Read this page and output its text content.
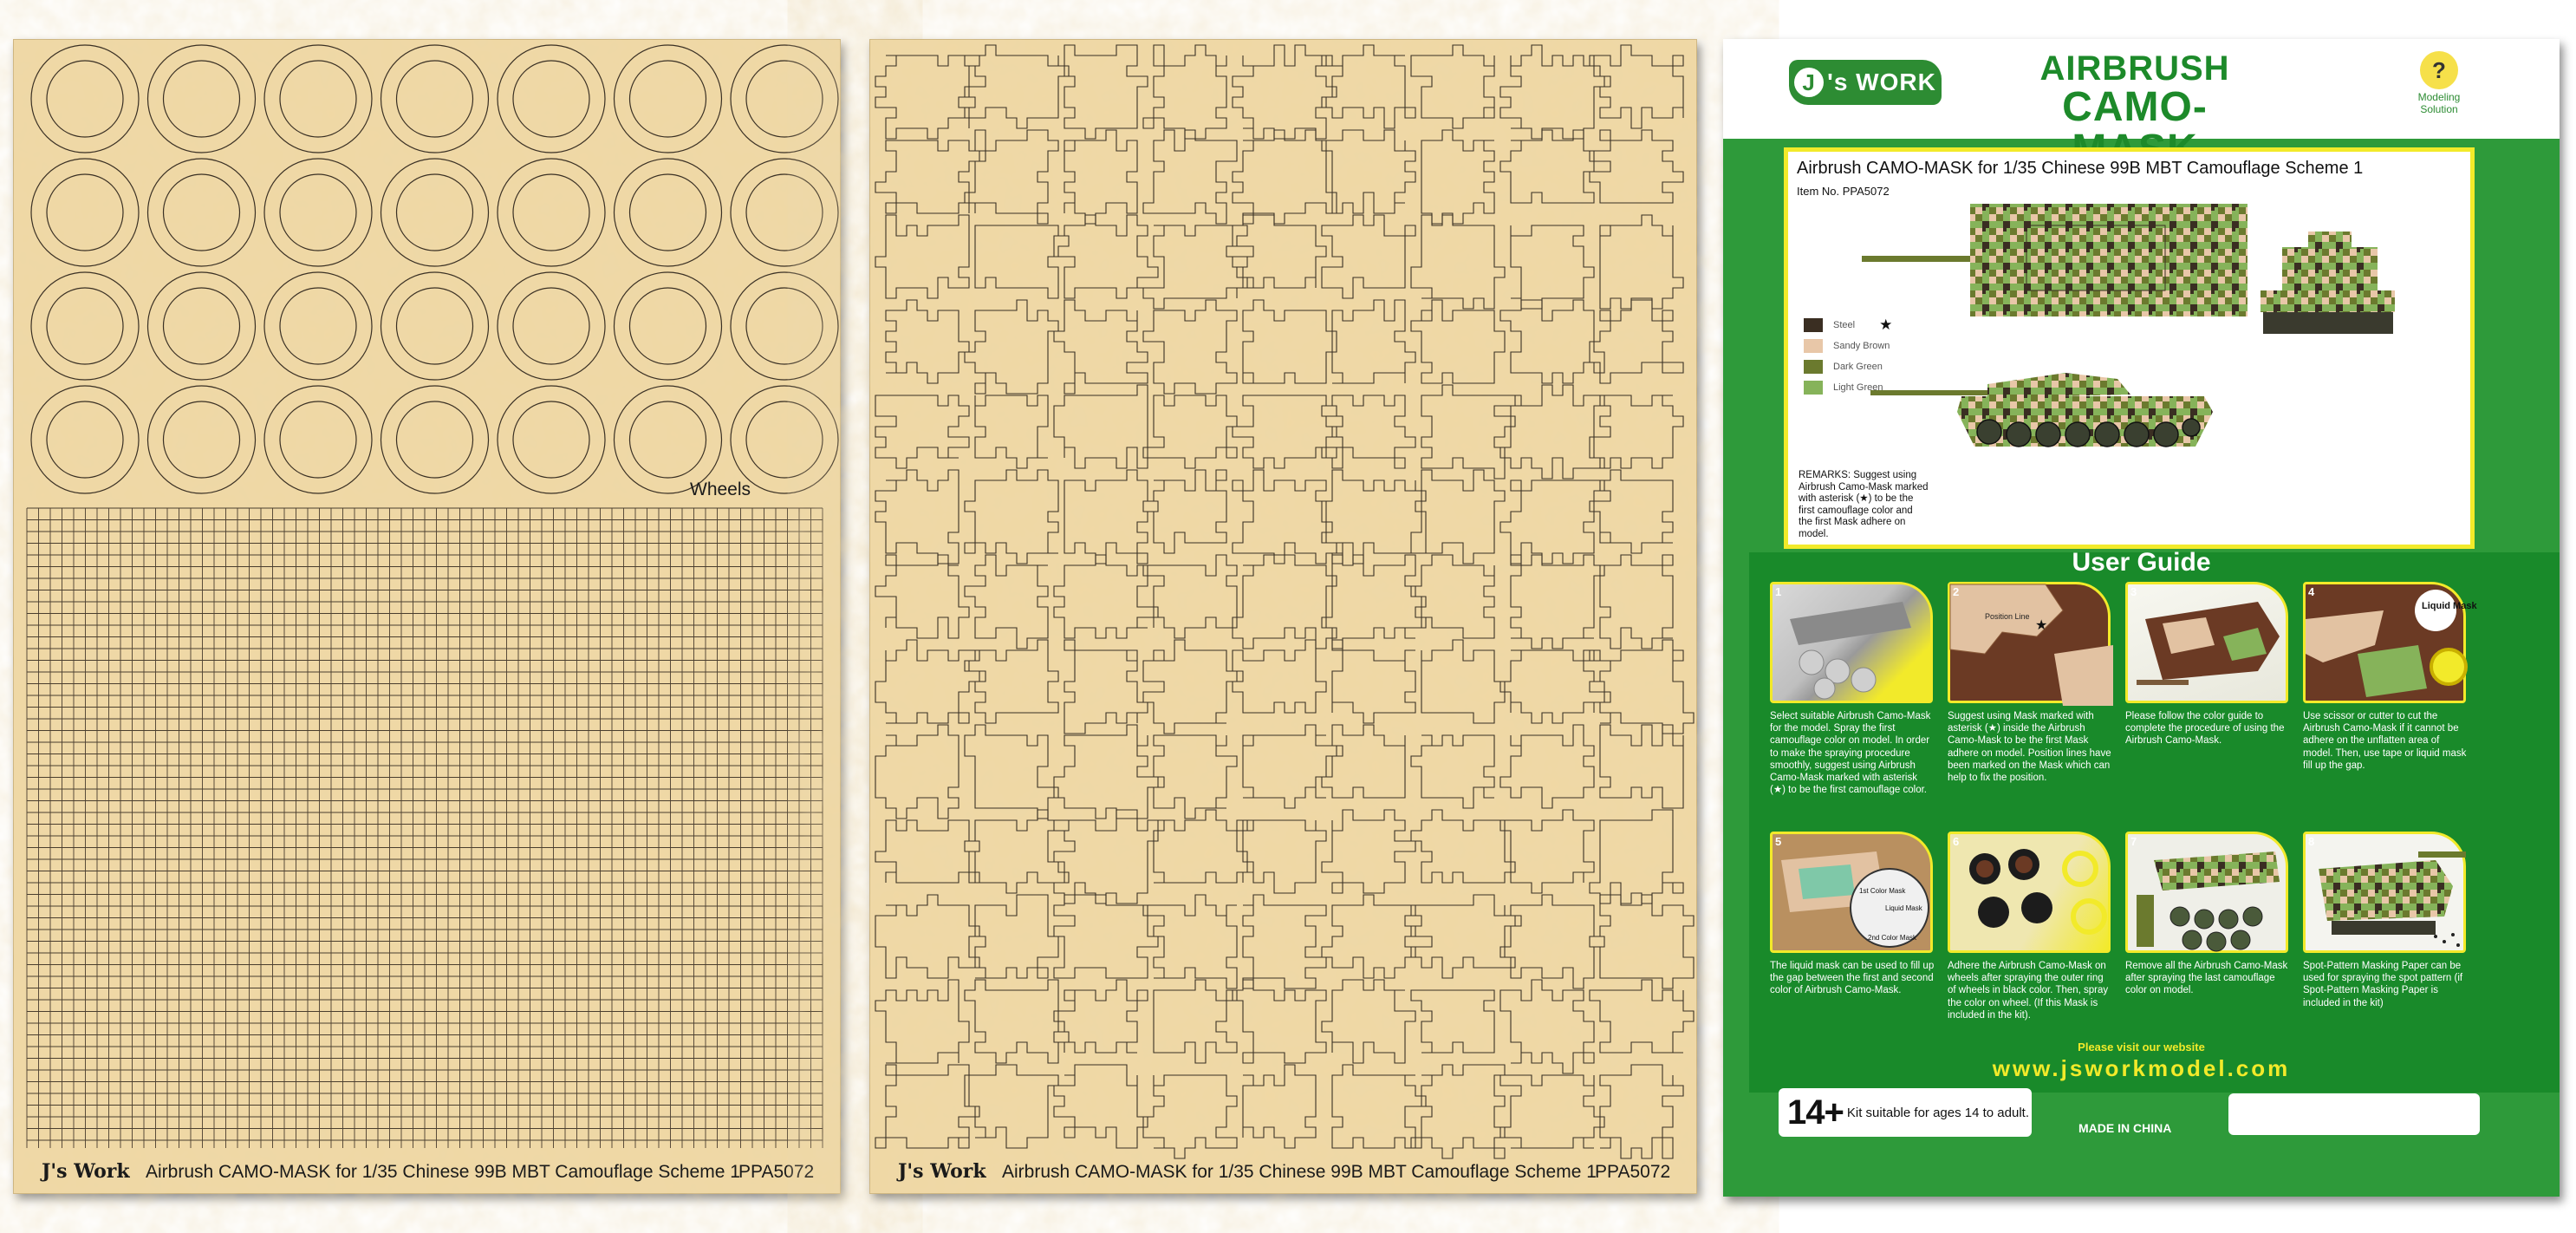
Wheels
J's Work Airbrush CAMO-MASK for 1/35 Chinese 99B MBT Camouflage Scheme 1
PPA5072	J's Work Airbrush CAMO-MASK for 1/35 Chinese 99B MBT Camouflage Scheme 1
PPA5072
J 's WORK	AIRBRUSH
CAMO-
?
Modeling
Solution
Airbrush CAMO-MASK for 1/35 Chinese 99B MBT Camouflage Scheme 1
Item No. PPA5072
Steel ★
Sandy Brown
Dark Green
Light Green
REMARKS: Suggest using Airbrush Camo-Mask marked with asterisk (★) to be the first camouflage color and the first Mask adhere on model.
User Guide
1
Select suitable Airbrush Camo-Mask for the model. Spray the first camouflage color on model. In order to make the spraying procedure smoothly, suggest using Airbrush Camo-Mask marked with asterisk (★) to be the first camouflage color.
2
Position Line
★
Suggest using Mask marked with asterisk (★) inside the Airbrush Camo-Mask to be the first Mask adhere on model. Position lines have been marked on the Mask which can help to fix the position.
3
Please follow the color guide to complete the procedure of using the Airbrush Camo-Mask.
4
Liquid Mask
Use scissor or cutter to cut the Airbrush Camo-Mask if it cannot be adhere on the unflatten area of model. Then, use tape or liquid mask fill up the gap.
5
1st Color Mask
Liquid Mask
2nd Color Mask
The liquid mask can be used to fill up the gap between the first and second color of Airbrush Camo-Mask.
6
Adhere the Airbrush Camo-Mask on wheels after spraying the outer ring of wheels in black color. Then, spray the color on wheel. (If this Mask is included in the kit).
7
Remove all the Airbrush Camo-Mask after spraying the last camouflage color on model.
8
Spot-Pattern Masking Paper can be used for spraying the spot pattern (if Spot-Pattern Masking Paper is included in the kit)
Please visit our website
www.jsworkmodel.com
14+ Kit suitable for ages 14 to adult.
MADE IN CHINA
